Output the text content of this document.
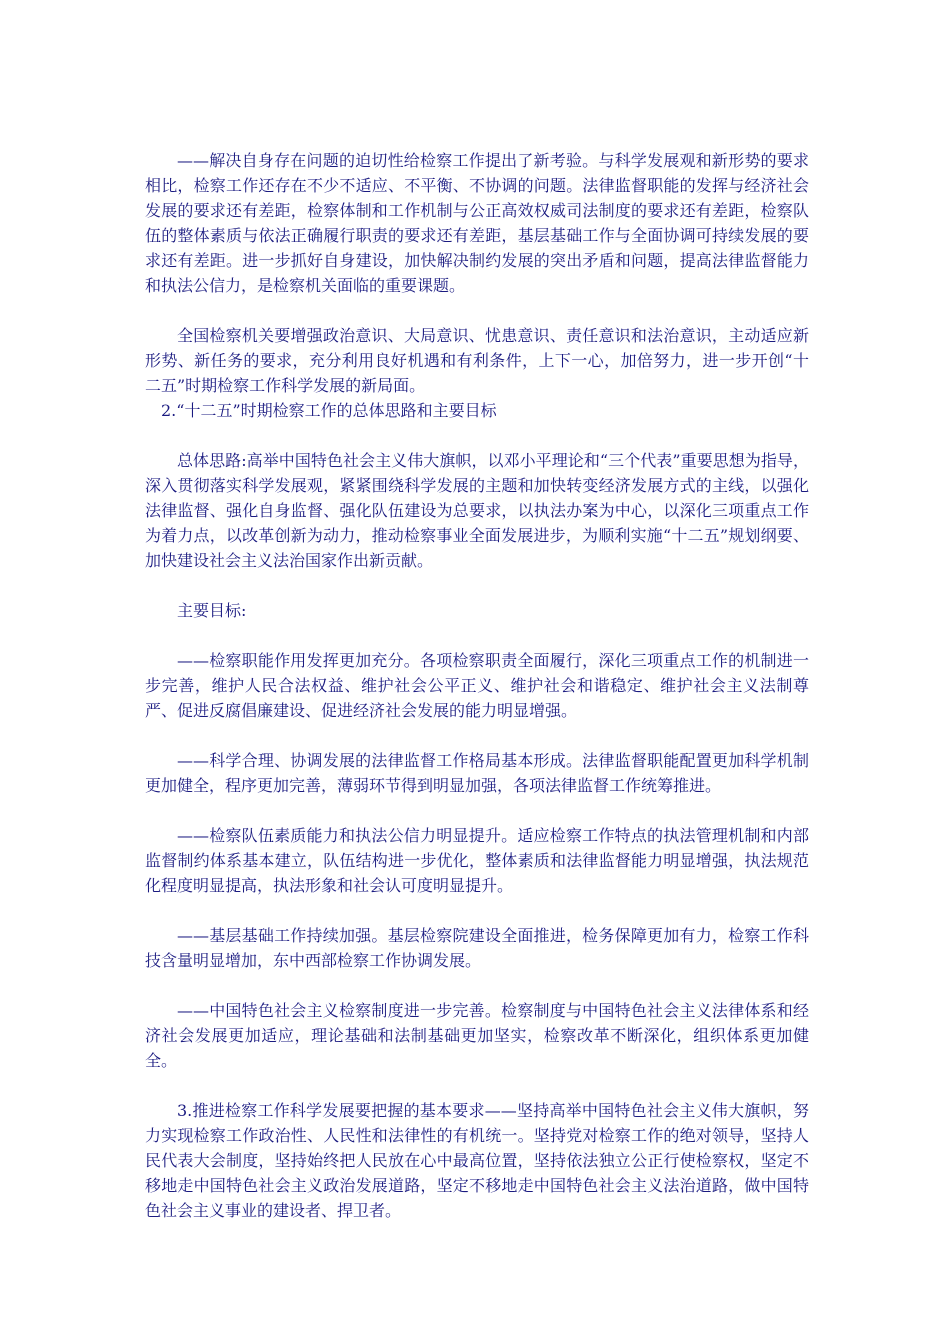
——解决自身存在问题的迫切性给检察工作提出了新考验。与科学发展观和新形势的要求相比，检察工作还存在不少不适应、不平衡、不协调的问题。法律监督职能的发挥与经济社会发展的要求还有差距，检察体制和工作机制与公正高效权威司法制度的要求还有差距，检察队伍的整体素质与依法正确履行职责的要求还有差距，基层基础工作与全面协调可持续发展的要求还有差距。进一步抓好自身建设，加快解决制约发展的突出矛盾和问题，提高法律监督能力和执法公信力，是检察机关面临的重要课题。

全国检察机关要增强政治意识、大局意识、忧患意识、责任意识和法治意识，主动适应新形势、新任务的要求，充分利用良好机遇和有利条件，上下一心，加倍努力，进一步开创“十二五”时期检察工作科学发展的新局面。

2.“十二五”时期检察工作的总体思路和主要目标

总体思路:高举中国特色社会主义伟大旗帜，以邓小平理论和“三个代表”重要思想为指导，深入贯彻落实科学发展观，紧紧围绕科学发展的主题和加快转变经济发展方式的主线，以强化法律监督、强化自身监督、强化队伍建设为总要求，以执法办案为中心，以深化三项重点工作为着力点，以改革创新为动力，推动检察事业全面发展进步，为顺利实施“十二五”规划纲要、加快建设社会主义法治国家作出新贡献。

主要目标:

——检察职能作用发挥更加充分。各项检察职责全面履行，深化三项重点工作的机制进一步完善，维护人民合法权益、维护社会公平正义、维护社会和谐稳定、维护社会主义法制尊严、促进反腐倡廉建设、促进经济社会发展的能力明显增强。

——科学合理、协调发展的法律监督工作格局基本形成。法律监督职能配置更加科学机制更加健全，程序更加完善，薄弱环节得到明显加强，各项法律监督工作统筹推进。

——检察队伍素质能力和执法公信力明显提升。适应检察工作特点的执法管理机制和内部监督制约体系基本建立，队伍结构进一步优化，整体素质和法律监督能力明显增强，执法规范化程度明显提高，执法形象和社会认可度明显提升。

——基层基础工作持续加强。基层检察院建设全面推进，检务保障更加有力，检察工作科技含量明显增加，东中西部检察工作协调发展。

——中国特色社会主义检察制度进一步完善。检察制度与中国特色社会主义法律体系和经济社会发展更加适应，理论基础和法制基础更加坚实，检察改革不断深化，组织体系更加健全。

3.推进检察工作科学发展要把握的基本要求——坚持高举中国特色社会主义伟大旗帜，努力实现检察工作政治性、人民性和法律性的有机统一。坚持党对检察工作的绝对领导，坚持人民代表大会制度，坚持始终把人民放在心中最高位置，坚持依法独立公正行使检察权，坚定不移地走中国特色社会主义政治发展道路，坚定不移地走中国特色社会主义法治道路，做中国特色社会主义事业的建设者、捍卫者。
